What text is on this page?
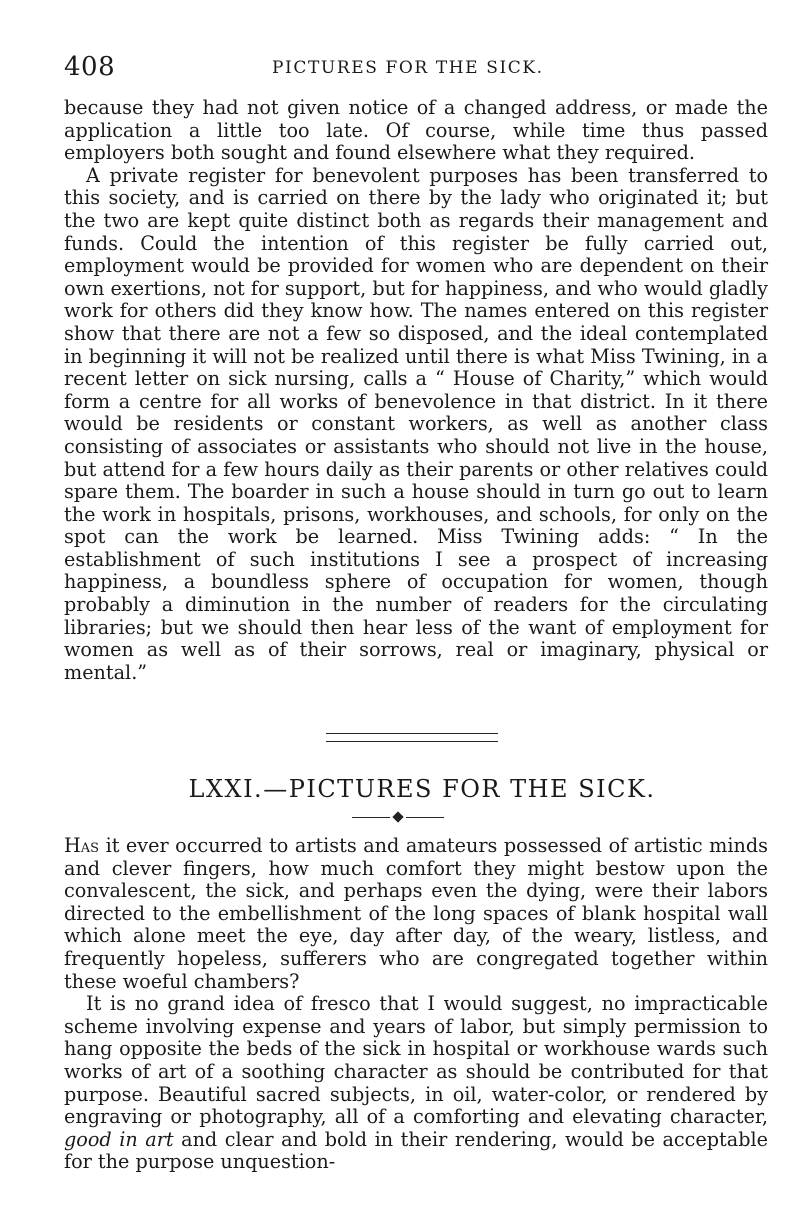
408	PICTURES FOR THE SICK.

because they had not given notice of a changed address, or made the application a little too late. Of course, while time thus passed employers both sought and found elsewhere what they required.

A private register for benevolent purposes has been transferred to this society, and is carried on there by the lady who originated it; but the two are kept quite distinct both as regards their management and funds. Could the intention of this register be fully carried out, employment would be provided for women who are dependent on their own exertions, not for support, but for happiness, and who would gladly work for others did they know how. The names entered on this register show that there are not a few so disposed, and the ideal contemplated in beginning it will not be realized until there is what Miss Twining, in a recent letter on sick nursing, calls a “ House of Charity,” which would form a centre for all works of benevolence in that district. In it there would be residents or constant workers, as well as another class consisting of associates or assistants who should not live in the house, but attend for a few hours daily as their parents or other relatives could spare them. The boarder in such a house should in turn go out to learn the work in hospitals, prisons, workhouses, and schools, for only on the spot can the work be learned. Miss Twining adds: “ In the establishment of such institutions I see a prospect of increasing happiness, a boundless sphere of occupation for women, though probably a diminution in the number of readers for the circulating libraries; but we should then hear less of the want of employment for women as well as of their sorrows, real or imaginary, physical or mental.”

LXXI.—PICTURES FOR THE SICK.

Has it ever occurred to artists and amateurs possessed of artistic minds and clever fingers, how much comfort they might bestow upon the convalescent, the sick, and perhaps even the dying, were their labors directed to the embellishment of the long spaces of blank hospital wall which alone meet the eye, day after day, of the weary, listless, and frequently hopeless, sufferers who are congregated together within these woeful chambers?

It is no grand idea of fresco that I would suggest, no impracticable scheme involving expense and years of labor, but simply permission to hang opposite the beds of the sick in hospital or workhouse wards such works of art of a soothing character as should be contributed for that purpose. Beautiful sacred subjects, in oil, water-color, or rendered by engraving or photography, all of a comforting and elevating character, good in art and clear and bold in their rendering, would be acceptable for the purpose unquestion-
